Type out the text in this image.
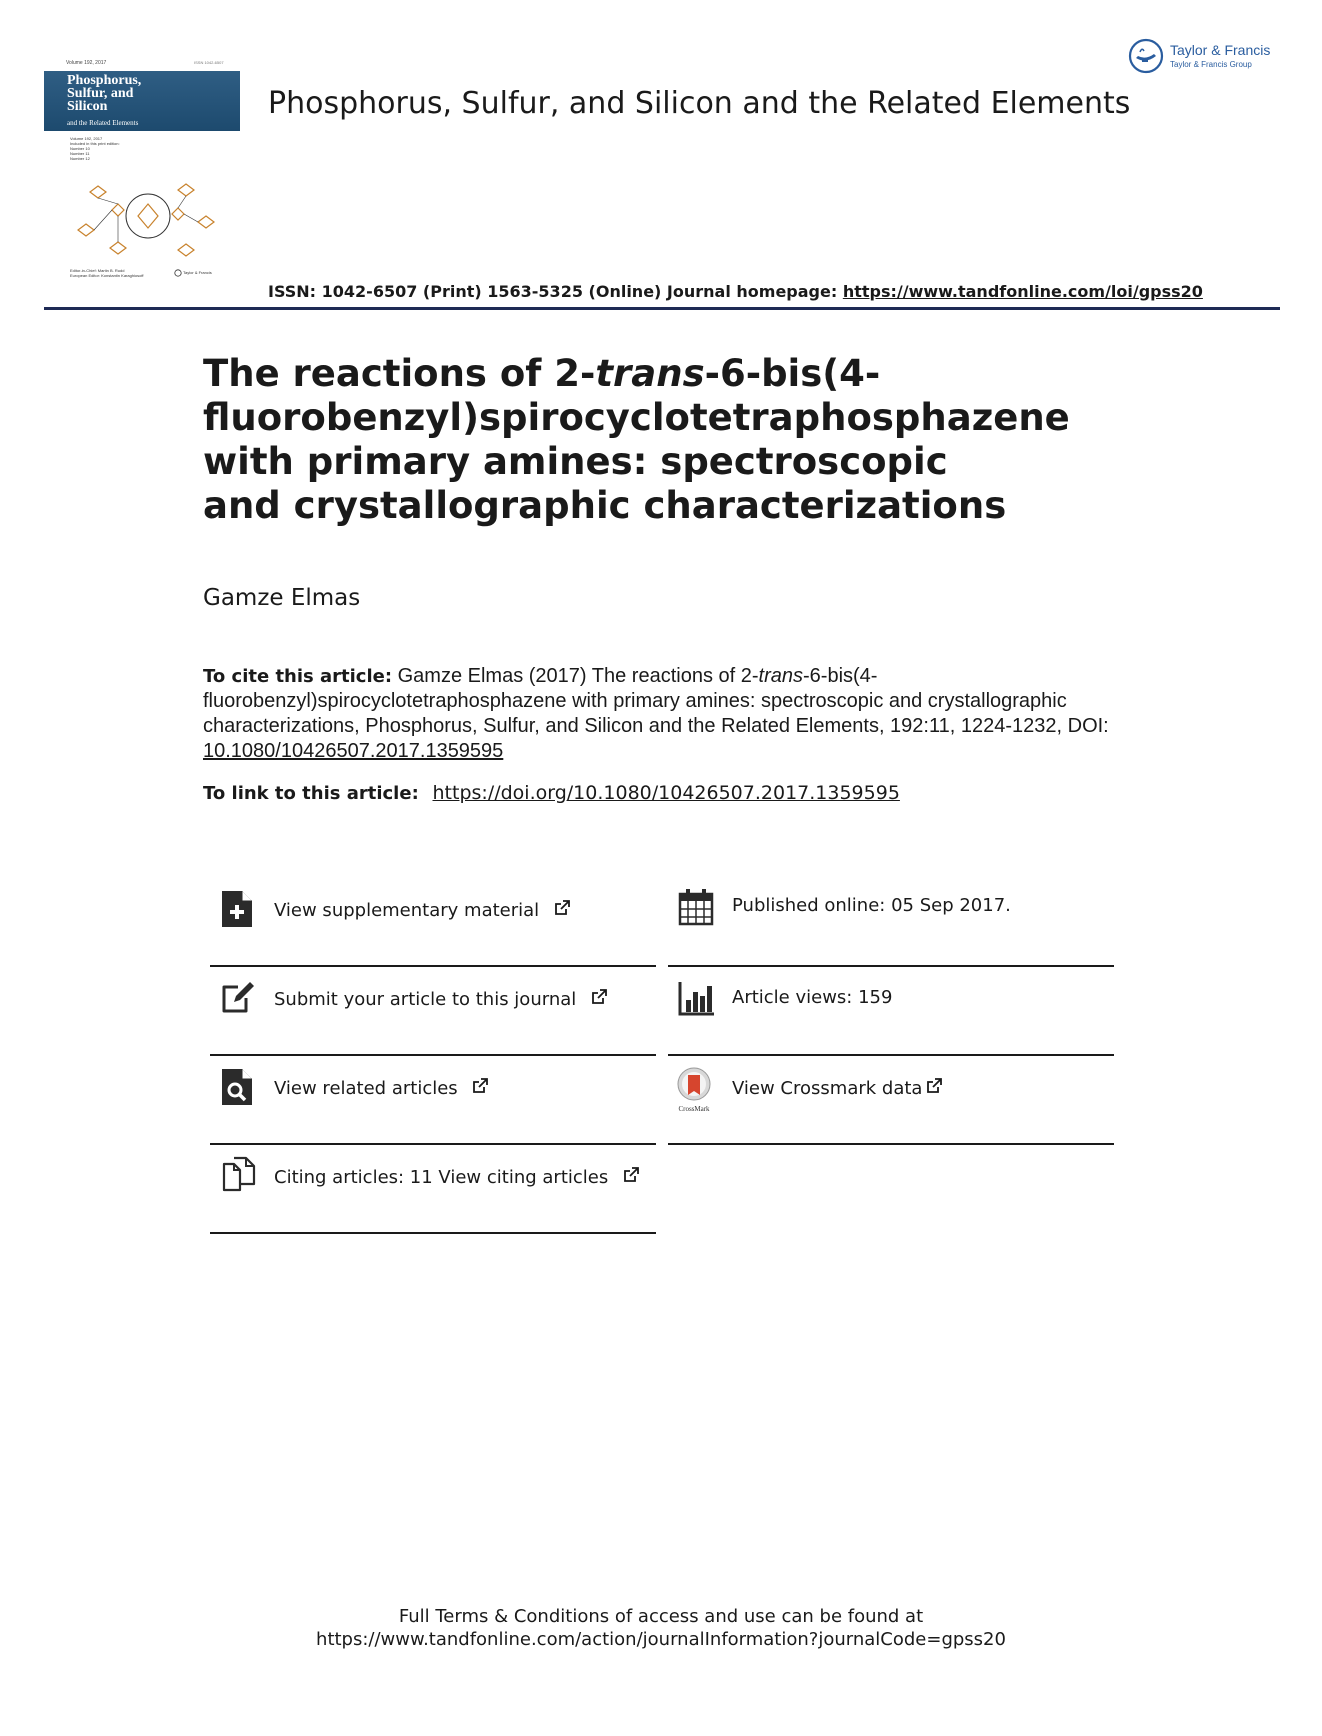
Volume 192, 2017	ISSN 1042-6507
Phosphorus,
Sulfur, and
Silicon
and the Related Elements
Volume 192, 2017
Included in this print edition:
Number 10
Number 11
Number 12
Editor-in-Chief: Martin B. Rudd
European Editor: Konstantin Karaghiosoff
Taylor & Francis
Phosphorus, Sulfur, and Silicon and the Related Elements
Taylor & Francis
Taylor & Francis Group
ISSN: 1042-6507 (Print) 1563-5325 (Online) Journal homepage: https://www.tandfonline.com/loi/gpss20
The reactions of 2-trans-6-bis(4-fluorobenzyl)spirocyclotetraphosphazene with primary amines: spectroscopic and crystallographic characterizations
Gamze Elmas
To cite this article: Gamze Elmas (2017) The reactions of 2-trans-6-bis(4-fluorobenzyl)spirocyclotetraphosphazene with primary amines: spectroscopic and crystallographic characterizations, Phosphorus, Sulfur, and Silicon and the Related Elements, 192:11, 1224-1232, DOI: 10.1080/10426507.2017.1359595
To link to this article: https://doi.org/10.1080/10426507.2017.1359595
View supplementary material
Submit your article to this journal
View related articles
Citing articles: 11 View citing articles
Published online: 05 Sep 2017.
Article views: 159
CrossMark
View Crossmark data
Full Terms & Conditions of access and use can be found at
https://www.tandfonline.com/action/journalInformation?journalCode=gpss20
